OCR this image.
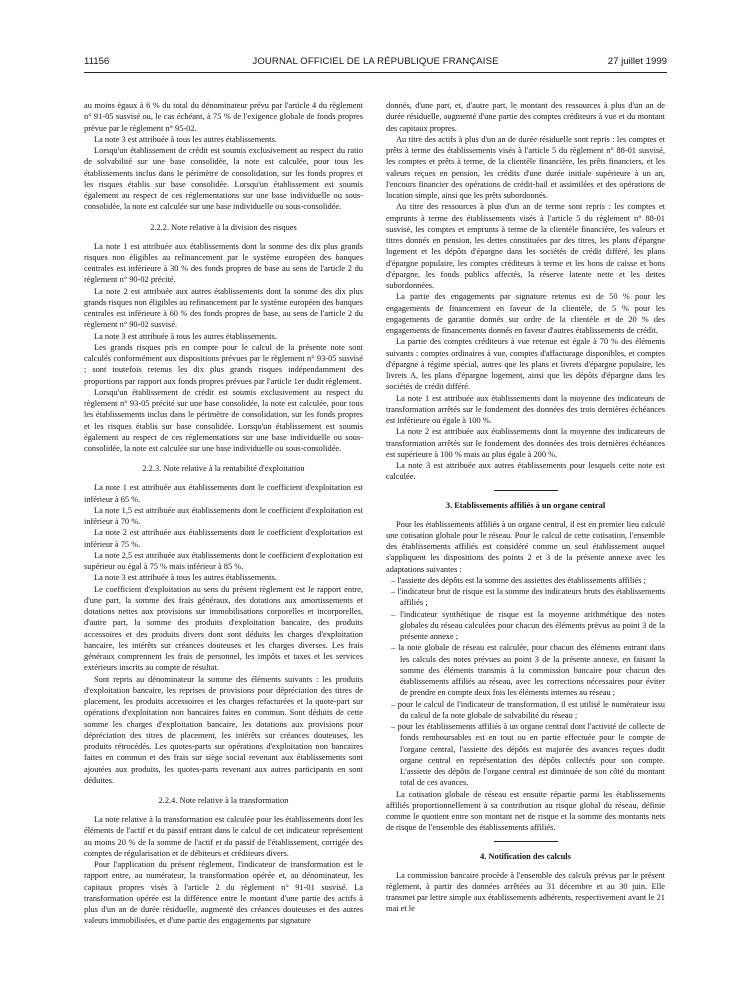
11156	JOURNAL OFFICIEL DE LA RÉPUBLIQUE FRANÇAISE	27 juillet 1999

au moins égaux à 6 % du total du dénominateur prévu par l'article 4 du règlement n° 91-05 susvisé ou, le cas échéant, à 75 % de l'exigence globale de fonds propres prévue par le règlement n° 95-02.

La note 3 est attribuée à tous les autres établissements.

Lorsqu'un établissement de crédit est soumis exclusivement au respect du ratio de solvabilité sur une base consolidée, la note est calculée, pour tous les établissements inclus dans le périmètre de consolidation, sur les fonds propres et les risques établis sur base consolidée. Lorsqu'un établissement est soumis également au respect de ces réglementations sur une base individuelle ou sous-consolidée, la note est calculée sur une base individuelle ou sous-consolidée.

2.2.2. Note relative à la division des risques

La note 1 est attribuée aux établissements dont la somme des dix plus grands risques non éligibles au refinancement par le système européen des banques centrales est inférieure à 30 % des fonds propres de base au sens de l'article 2 du règlement n° 90-02 précité.

La note 2 est attribuée aux autres établissements dont la somme des dix plus grands risques non éligibles au refinancement par le système européen des banques centrales est inférieure à 60 % des fonds propres de base, au sens de l'article 2 du règlement n° 90-02 susvisé.

La note 3 est attribuée à tous les autres établissements.

Les grands risques pris en compte pour le calcul de la présente note sont calculés conformément aux dispositions prévues par le règlement n° 93-05 susvisé ; sont toutefois retenus les dix plus grands risques indépendamment des proportions par rapport aux fonds propres prévues par l'article 1er dudit règlement.

Lorsqu'un établissement de crédit est soumis exclusivement au respect du règlement n° 93-05 précité sur une base consolidée, la note est calculée, pour tous les établissements inclus dans le périmètre de consolidation, sur les fonds propres et les risques établis sur base consolidée. Lorsqu'un établissement est soumis également au respect de ces réglementations sur une base individuelle ou sous-consolidée, la note est calculée sur une base individuelle ou sous-consolidée.

2.2.3. Note relative à la rentabilité d'exploitation

La note 1 est attribuée aux établissements dont le coefficient d'exploitation est inférieur à 65 %.

La note 1,5 est attribuée aux établissements dont le coefficient d'exploitation est inférieur à 70 %.

La note 2 est attribuée aux établissements dont le coefficient d'exploitation est inférieur à 75 %.

La note 2,5 est attribuée aux établissements dont le coefficient d'exploitation est supérieur ou égal à 75 % mais inférieur à 85 %.

La note 3 est attribuée à tous les autres établissements.

Le coefficient d'exploitation au sens du présent règlement est le rapport entre, d'une part, la somme des frais généraux, des dotations aux amortissements et dotations nettes aux provisions sur immobilisations corporelles et incorporelles, d'autre part, la somme des produits d'exploitation bancaire, des produits accessoires et des produits divers dont sont déduits les charges d'exploitation bancaire, les intérêts sur créances douteuses et les charges diverses. Les frais généraux comprennent les frais de personnel, les impôts et taxes et les services extérieurs inscrits au compte de résultat.

Sont repris au dénominateur la somme des éléments suivants : les produits d'exploitation bancaire, les reprises de provisions pour dépréciation des titres de placement, les produits accessoires et les charges refacturées et la quote-part sur opérations d'exploitation non bancaires faites en commun. Sont déduits de cette somme les charges d'exploitation bancaire, les dotations aux provisions pour dépréciation des titres de placement, les intérêts sur créances douteuses, les produits rétrocédés. Les quotes-parts sur opérations d'exploitation non bancaires faites en commun et des frais sur siège social revenant aux établissements sont ajoutées aux produits, les quotes-parts revenant aux autres participants en sont déduites.

2.2.4. Note relative à la transformation

La note relative à la transformation est calculée pour les établissements dont les éléments de l'actif et du passif entrant dans le calcul de cet indicateur représentent au moins 20 % de la somme de l'actif et du passif de l'établissement, corrigée des comptes de régularisation et de débiteurs et créditeurs divers.

Pour l'application du présent règlement, l'indicateur de transformation est le rapport entre, au numérateur, la transformation opérée et, au dénominateur, les capitaux propres visés à l'article 2 du règlement n° 91-01 susvisé. La transformation opérée est la différence entre le montant d'une partie des actifs à plus d'un an de durée résiduelle, augmenté des créances douteuses et des autres valeurs immobilisées, et d'une partie des engagements par signature

donnés, d'une part, et, d'autre part, le montant des ressources à plus d'un an de durée résiduelle, augmenté d'une partie des comptes créditeurs à vue et du montant des capitaux propres.

Au titre des actifs à plus d'un an de durée résiduelle sont repris : les comptes et prêts à terme des établissements visés à l'article 5 du règlement n° 88-01 susvisé, les comptes et prêts à terme, de la clientèle financière, les prêts financiers, et les valeurs reçues en pension, les crédits d'une durée initiale supérieure à un an, l'encours financier des opérations de crédit-bail et assimilées et des opérations de location simple, ainsi que les prêts subordonnés.

Au titre des ressources à plus d'un an de terme sont repris : les comptes et emprunts à terme des établissements visés à l'article 5 du règlement n° 88-01 susvisé, les comptes et emprunts à terme de la clientèle financière, les valeurs et titres donnés en pension, les dettes constituées par des titres, les plans d'épargne logement et les dépôts d'épargne dans les sociétés de crédit différé, les plans d'épargne populaire, les comptes créditeurs à terme et les bons de caisse et bons d'épargne, les fonds publics affectés, la réserve latente nette et les dettes subordonnées.

La partie des engagements par signature retenus est de 50 % pour les engagements de financement en faveur de la clientèle, de 5 % pour les engagements de garantie donnés sur ordre de la clientèle et de 20 % des engagements de financements donnés en faveur d'autres établissements de crédit.

La partie des comptes créditeurs à vue retenue est égale à 70 % des éléments suivants : comptes ordinaires à vue, comptes d'affacturage disponibles, et comptes d'épargne à régime spécial, autres que les plans et livrets d'épargne populaire, les livrets A, les plans d'épargne logement, ainsi que les dépôts d'épargne dans les sociétés de crédit différé.

La note 1 est attribuée aux établissements dont la moyenne des indicateurs de transformation arrêtés sur le fondement des données des trois dernières échéances est inférieure ou égale à 100 %.

La note 2 est attribuée aux établissements dont la moyenne des indicateurs de transformation arrêtés sur le fondement des données des trois dernières échéances est supérieure à 100 % mais au plus égale à 200 %.

La note 3 est attribuée aux autres établissements pour lesquels cette note est calculée.

3. Etablissements affiliés à un organe central

Pour les établissements affiliés à un organe central, il est en premier lieu calculé une cotisation globale pour le réseau. Pour le calcul de cette cotisation, l'ensemble des établissements affiliés est considéré comme un seul établissement auquel s'appliquent les dispositions des points 2 et 3 de la présente annexe avec les adaptations suivantes :

– l'assiette des dépôts est la somme des assiettes des établissements affiliés ;
– l'indicateur brut de risque est la somme des indicateurs bruts des établissements affiliés ;
– l'indicateur synthétique de risque est la moyenne arithmétique des notes globales du réseau calculées pour chacun des éléments prévus au point 3 de la présente annexe ;
– la note globale de réseau est calculée, pour chacun des éléments entrant dans les calculs des notes prévues au point 3 de la présente annexe, en faisant la somme des éléments transmis à la commission bancaire pour chacun des établissements affiliés au réseau, avec les corrections nécessaires pour éviter de prendre en compte deux fois les éléments internes au réseau ;
– pour le calcul de l'indicateur de transformation, il est utilisé le numérateur issu du calcul de la note globale de solvabilité du réseau ;
– pour les établissements affiliés à un organe central dont l'activité de collecte de fonds remboursables est en tout ou en partie effectuée pour le compte de l'organe central, l'assiette des dépôts est majorée des avances reçues dudit organe central en représentation des dépôts collectés pour son compte. L'assiette des dépôts de l'organe central est diminuée de son côté du montant total de ces avances.

La cotisation globale de réseau est ensuite répartie parmi les établissements affiliés proportionnellement à sa contribution au risque global du réseau, définie comme le quotient entre son montant net de risque et la somme des montants nets de risque de l'ensemble des établissements affiliés.

4. Notification des calculs

La commission bancaire procède à l'ensemble des calculs prévus par le présent règlement, à partir des données arrêtées au 31 décembre et au 30 juin. Elle transmet par lettre simple aux établissements adhérents, respectivement avant le 21 mai et le
